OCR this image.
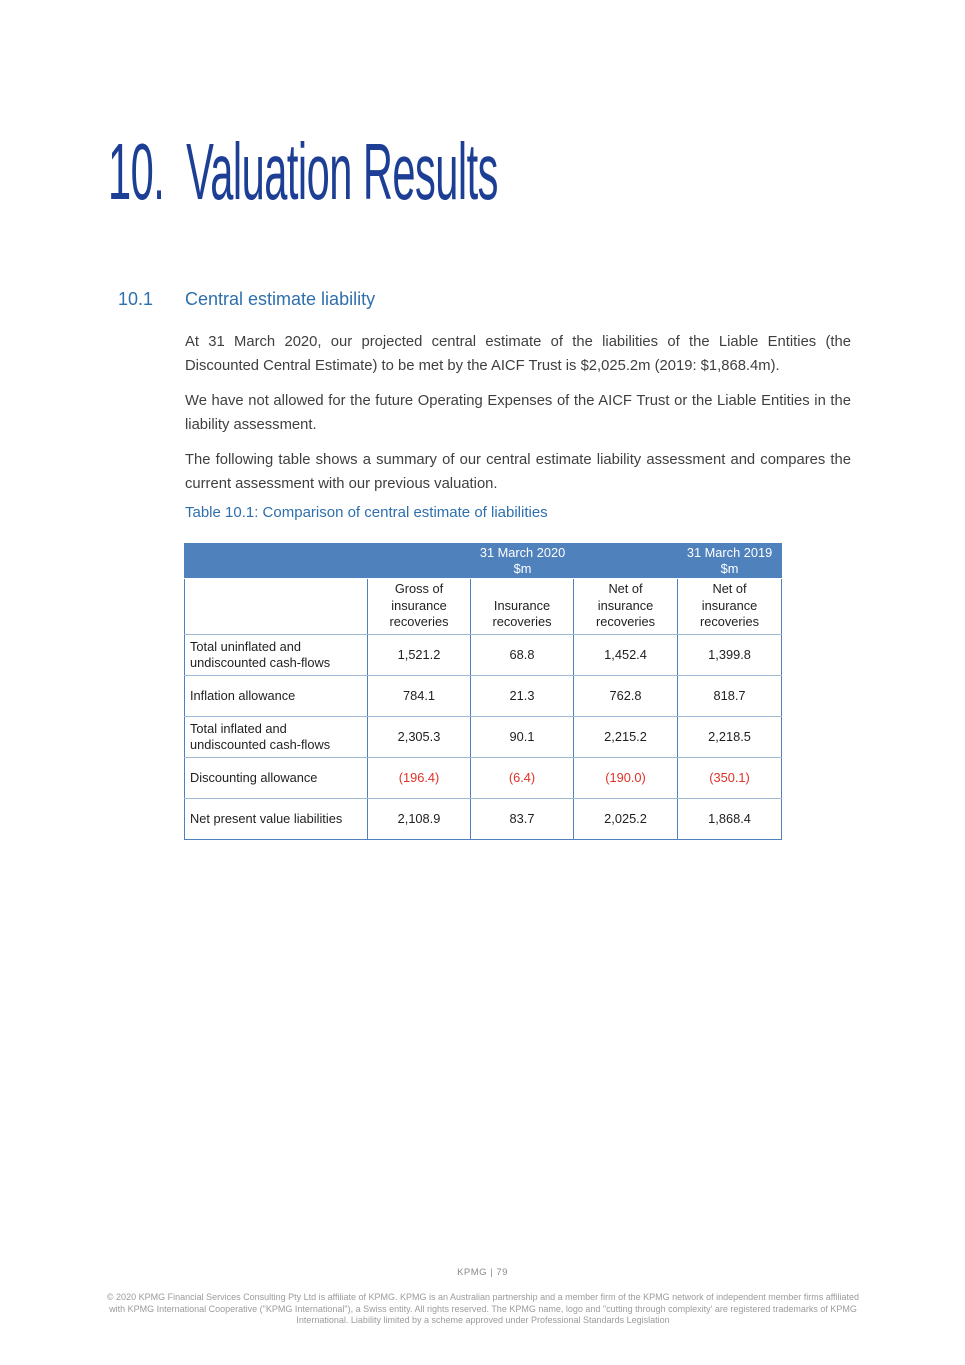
10. Valuation Results
10.1 Central estimate liability

At 31 March 2020, our projected central estimate of the liabilities of the Liable Entities (the Discounted Central Estimate) to be met by the AICF Trust is $2,025.2m (2019: $1,868.4m).

We have not allowed for the future Operating Expenses of the AICF Trust or the Liable Entities in the liability assessment.

The following table shows a summary of our central estimate liability assessment and compares the current assessment with our previous valuation.

Table 10.1: Comparison of central estimate of liabilities

31 March 2020
$m

31 March 2019
$m

	Gross of insurance recoveries	Insurance recoveries	Net of insurance recoveries	Net of insurance recoveries
Total uninflated and undiscounted cash-flows	1,521.2	68.8	1,452.4	1,399.8
Inflation allowance	784.1	21.3	762.8	818.7
Total inflated and undiscounted cash-flows	2,305.3	90.1	2,215.2	2,218.5
Discounting allowance	(196.4)	(6.4)	(190.0)	(350.1)
Net present value liabilities	2,108.9	83.7	2,025.2	1,868.4
KPMG | 79
© 2020 KPMG Financial Services Consulting Pty Ltd is affiliate of KPMG. KPMG is an Australian partnership and a member firm of the KPMG network of independent member firms affiliated with KPMG International Cooperative ("KPMG International"), a Swiss entity. All rights reserved. The KPMG name, logo and "cutting through complexity' are registered trademarks of KPMG International. Liability limited by a scheme approved under Professional Standards Legislation
